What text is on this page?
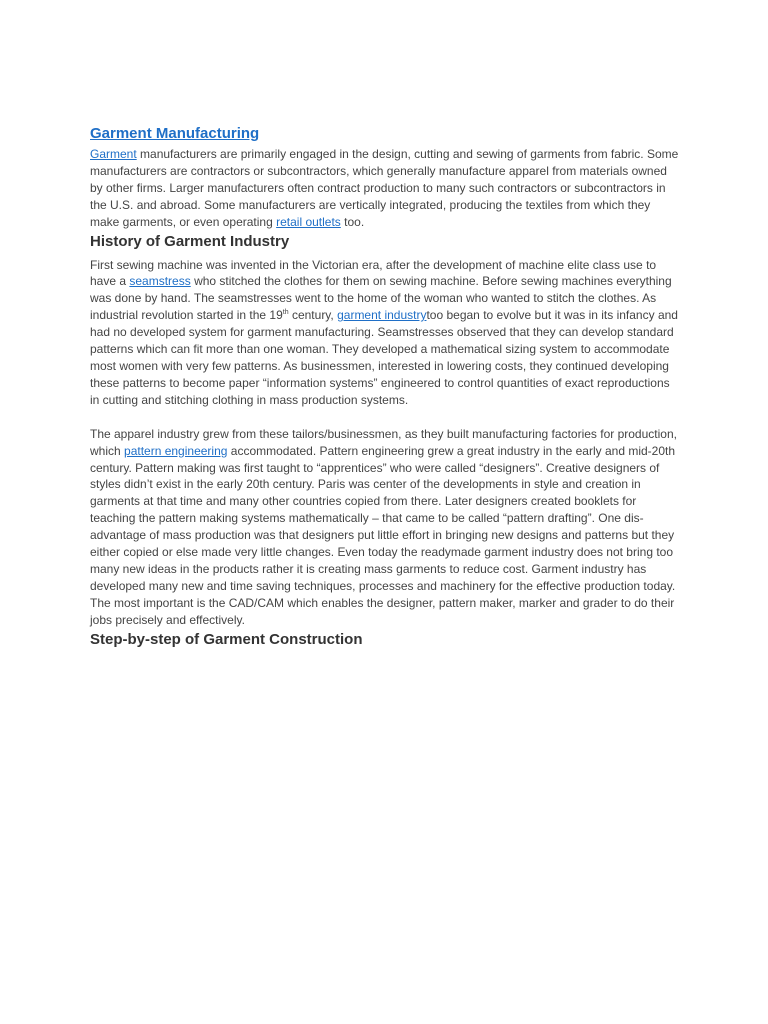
Garment Manufacturing

Garment manufacturers are primarily engaged in the design, cutting and sewing of garments from fabric. Some manufacturers are contractors or subcontractors, which generally manufacture apparel from materials owned by other firms. Larger manufacturers often contract production to many such contractors or subcontractors in the U.S. and abroad. Some manufacturers are vertically integrated, producing the textiles from which they make garments, or even operating retail outlets too.

History of Garment Industry

First sewing machine was invented in the Victorian era, after the development of machine elite class use to have a seamstress who stitched the clothes for them on sewing machine. Before sewing machines everything was done by hand. The seamstresses went to the home of the woman who wanted to stitch the clothes. As industrial revolution started in the 19th century, garment industrytoo began to evolve but it was in its infancy and had no developed system for garment manufacturing. Seamstresses observed that they can develop standard patterns which can fit more than one woman. They developed a mathematical sizing system to accommodate most women with very few patterns. As businessmen, interested in lowering costs, they continued developing these patterns to become paper “information systems” engineered to control quantities of exact reproductions in cutting and stitching clothing in mass production systems.

The apparel industry grew from these tailors/businessmen, as they built manufacturing factories for production, which pattern engineering accommodated. Pattern engineering grew a great industry in the early and mid-20th century. Pattern making was first taught to “apprentices” who were called “designers”. Creative designers of styles didn’t exist in the early 20th century. Paris was center of the developments in style and creation in garments at that time and many other countries copied from there. Later designers created booklets for teaching the pattern making systems mathematically – that came to be called “pattern drafting”. One dis-advantage of mass production was that designers put little effort in bringing new designs and patterns but they either copied or else made very little changes. Even today the readymade garment industry does not bring too many new ideas in the products rather it is creating mass garments to reduce cost. Garment industry has developed many new and time saving techniques, processes and machinery for the effective production today. The most important is the CAD/CAM which enables the designer, pattern maker, marker and grader to do their jobs precisely and effectively.

Step-by-step of Garment Construction
